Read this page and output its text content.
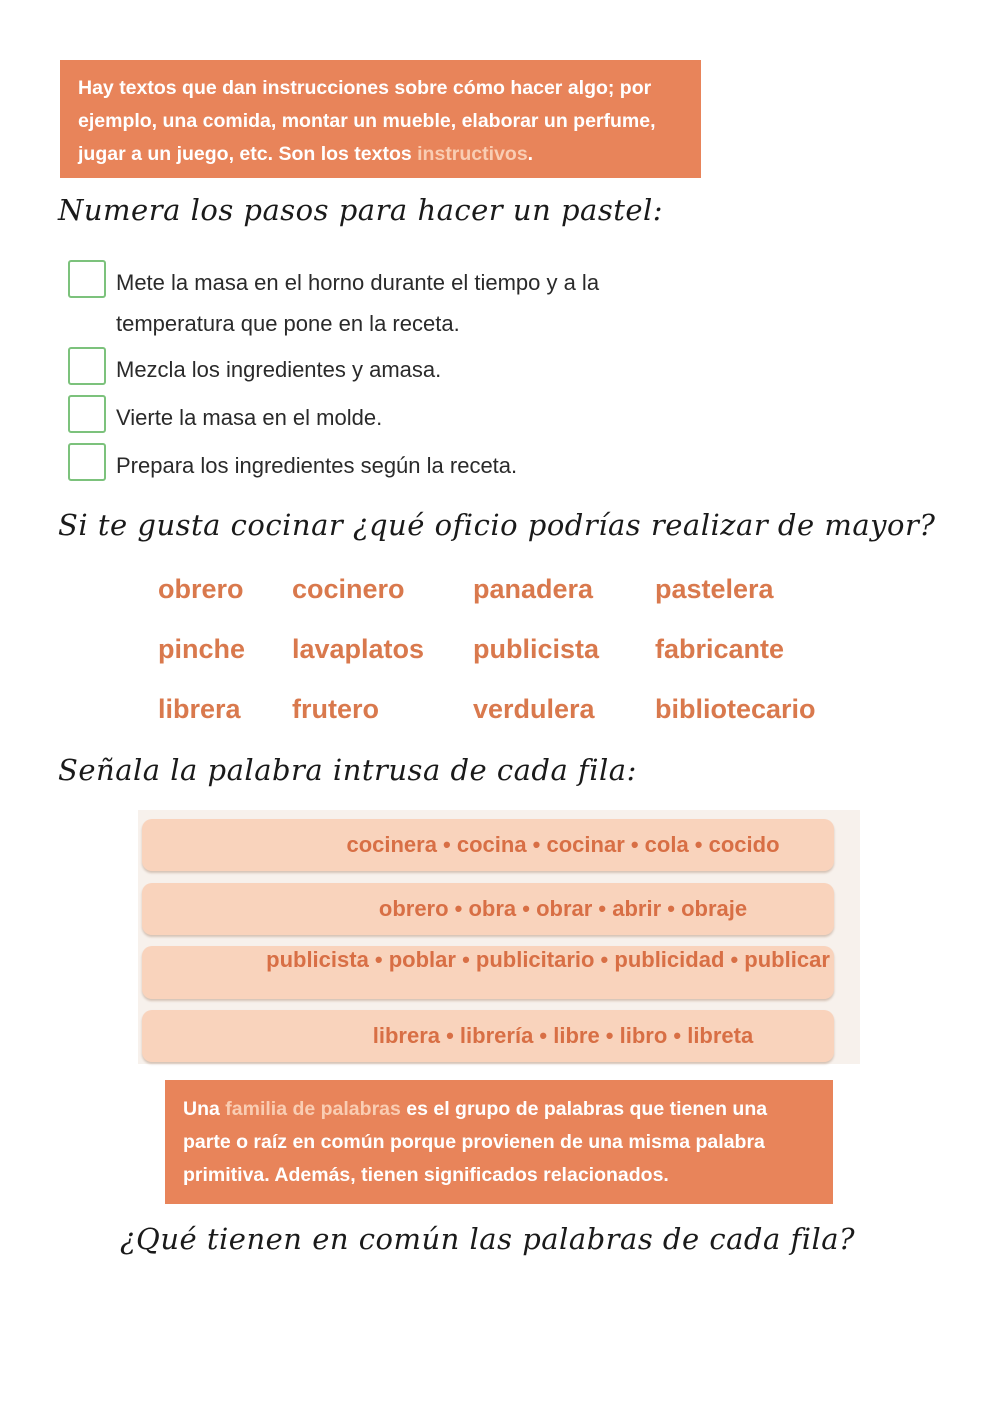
Hay textos que dan instrucciones sobre cómo hacer algo; por ejemplo, una comida, montar un mueble, elaborar un perfume, jugar a un juego, etc. Son los textos instructivos.
Numera los pasos para hacer un pastel:
Mete la masa en el horno durante el tiempo y a la temperatura que pone en la receta.
Mezcla los ingredientes y amasa.
Vierte la masa en el molde.
Prepara los ingredientes según la receta.
Si te gusta cocinar ¿qué oficio podrías realizar de mayor?
obrero cocinero	panadera pastelera
pinche lavaplatos publicista fabricante
librera frutero	verdulera bibliotecario
Señala la palabra intrusa de cada fila:
cocinera • cocina • cocinar • cola • cocido
obrero • obra • obrar • abrir • obraje
publicista • poblar • publicitario • publicidad • publicar
librera • librería • libre • libro • libreta
Una familia de palabras es el grupo de palabras que tienen una parte o raíz en común porque provienen de una misma palabra primitiva. Además, tienen significados relacionados.
¿Qué tienen en común las palabras de cada fila?
